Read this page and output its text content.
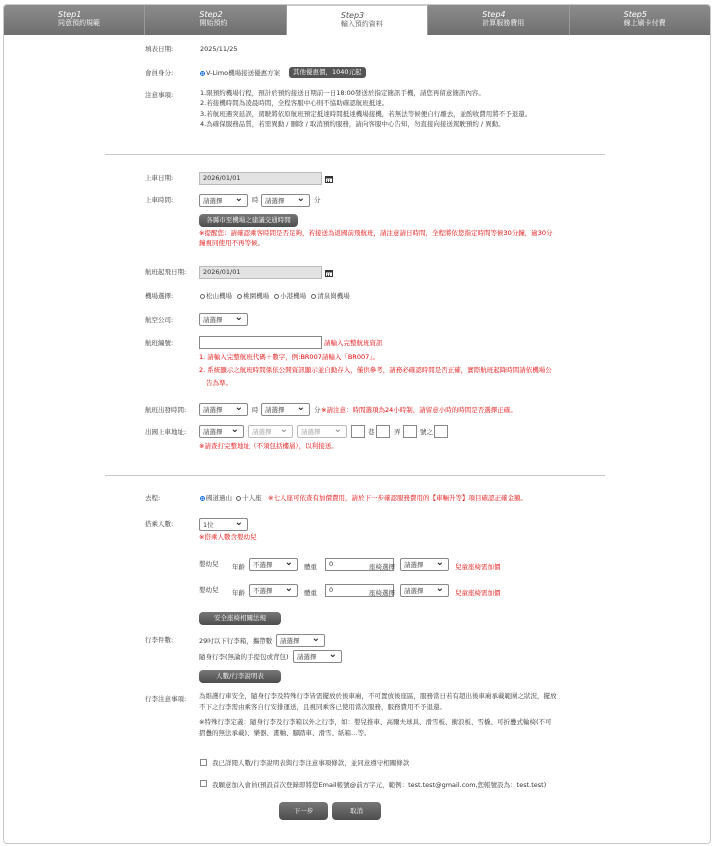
Step1
同意預約規範
Step2
開始預約
Step3
輸入預約資料
Step4
計算服務費用
Step5
線上刷卡付費
填表日期:	2025/11/25
會員身分:	V-Limo機場接送優惠方案	其他優惠價，1040元起
注意事項:	1.限預約機場行程，預計於預約接送日期前一日18:00發送於指定簡訊手機，請您再留意簡訊內容。
2.若接機時間為凌晨時間，全程客服中心則不協助確認航班抵達。
3.若航班遇突延誤，駕駛將依原航班預定抵達時間抵達機場接機，若無法等候便自行離去，並酌收費用將不予退還。
4.為確保服務品質，若需異動 / 刪除 / 取消預約服務，請向客服中心告知，勿直接向接送駕駛預約 / 異動。
上車日期:	2026/01/01
上車時間:	請選擇 ⌄	時	請選擇 ⌄	分
各縣市至機場之建議交通時間
※提醒您：請確認乘客時間是否足夠，若接送為返國前飛航班，請注意請日時間，全程將依您指定時間等候30分鐘，逾30分
鐘視同使用不再等候。
航班起飛日期:	2026/01/01
機場選擇:	松山機場 桃園機場 小港機場 清泉崗機場
航空公司:	請選擇 ⌄
航班編號:	請輸入完整航班資訊
1. 請輸入完整航班代碼＋數字，例:BR007請輸入「BR007」。
2. 系統顯示之航班時間係依公開資訊顯示並自動存入，僅供參考，請務必確認時間是否正確，實際航班起降時間請依機場公
告為準。
航班出發時間:	請選擇 ⌄	時	請選擇 ⌄	分 ※請注意：時間選項為24小時制，請留意小時的時間是否選擇正確。
出國上車地址:	請選擇 ⌄	請選擇 ⌄	請選擇 ⌄	巷	弄	號之
※請查打完整地址（不須包括樓層），以利接送。
去程:	國道過山 十人座 ※七人座可依查有加價費用，請於下一步確認服務費用的【車輛升等】項目確認正確金額。
搭乘人數:	1位 ⌄
※搭乘人數含嬰幼兒
嬰幼兒 年齡	不選擇 ⌄	體重	0	座椅選擇	請選擇 ⌄	兒童座椅需加價
嬰幼兒 年齡	不選擇 ⌄	體重	0	座椅選擇	請選擇 ⌄	兒童座椅需加價
安全座椅相關法規
行李件數:	29吋以下行李箱，攜帶數	請選擇 ⌄
隨身行李(無論的手提包或背包)	請選擇 ⌄
人數/行李說明表
行李注意事項: 為維護行車安全，隨身行李及特殊行李皆需擺放於後車廂，不可置放後座區，服務當日若有超出後車廂承載範圍之狀況，擺放
不下之行李需由乘客自行安排運送，且視同乘客已使用當次服務，服務費用不予退還。
※特殊行李定義：隨身行李及行李箱以外之行李，如：嬰兒推車、高爾夫球具、滑雪板、衝浪板、雪橇、可折疊式輪椅(不可
摺疊的無法承載)、樂器、畫軸、腳踏車、滑雪、紙箱…等。
我已詳閱人數/行李說明表與行李注意事項條款，並同意遵守相關條款
我願意加入會員(預設首次登錄即將您Email帳號@前方字元，範例：test.test@gmail.com,您帳號設為：test.test)
下一步	取消
